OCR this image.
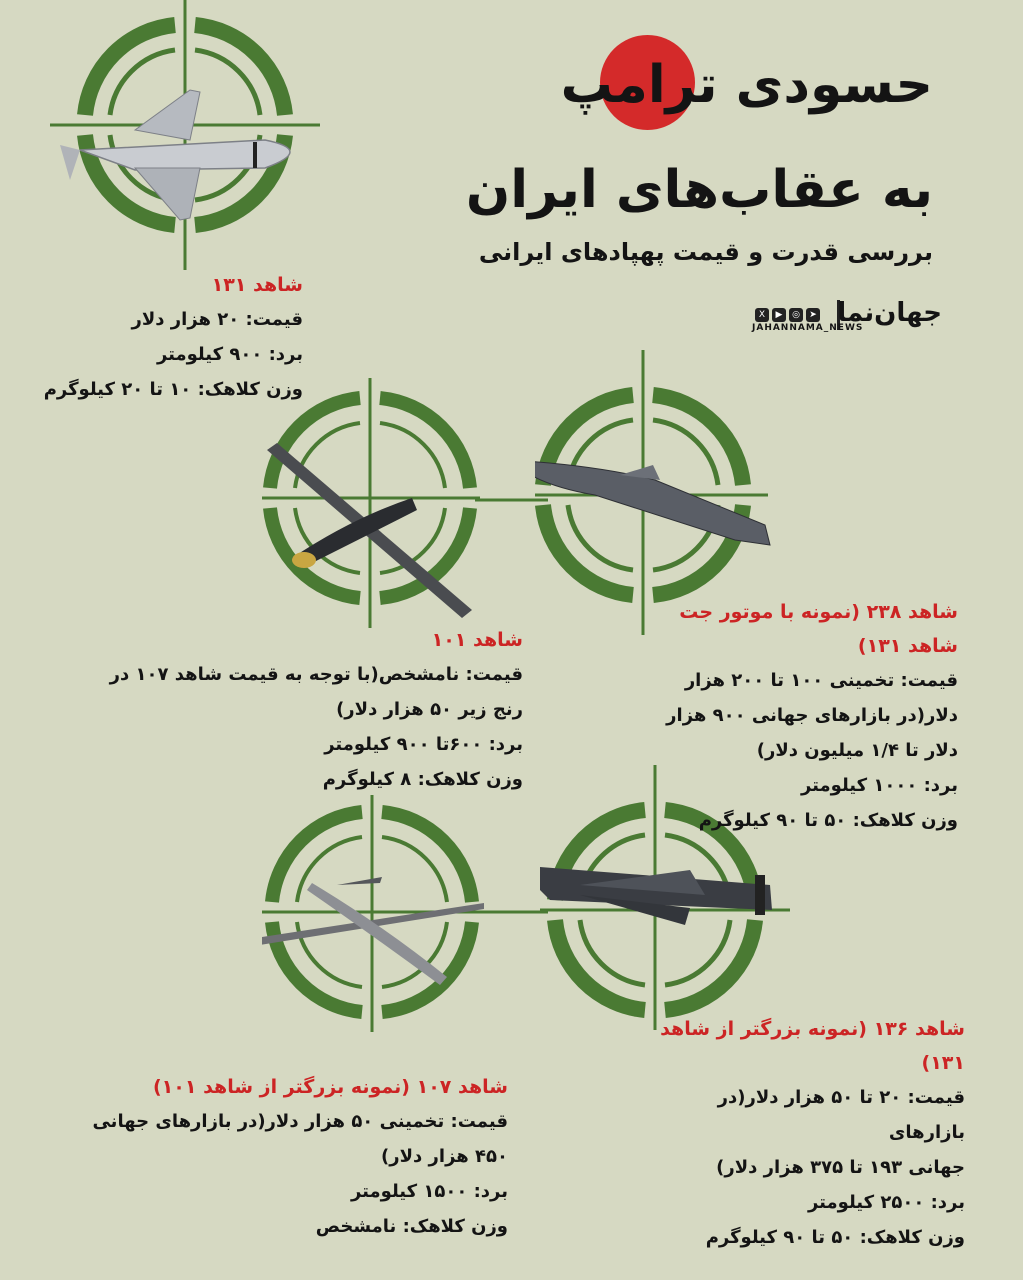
حسودی ترامپ
به عقاب‌های ایران
بررسی قدرت و قیمت پهپادهای ایرانی
X ▶ ◎ ➤ جهان‌نما
JAHANNAMA_NEWS
شاهد ۱۳۱
قیمت: ۲۰ هزار دلار
برد: ۹۰۰ کیلومتر
وزن کلاهک: ۱۰ تا ۲۰ کیلوگرم
شاهد ۲۳۸ (نمونه با موتور جت
شاهد ۱۳۱)
قیمت: تخمینی ۱۰۰ تا ۲۰۰ هزار
دلار(در بازارهای جهانی ۹۰۰ هزار
دلار تا ۱/۴ میلیون دلار)
برد: ۱۰۰۰ کیلومتر
وزن کلاهک: ۵۰ تا ۹۰ کیلوگرم
شاهد ۱۰۱
قیمت: نامشخص(با توجه به قیمت شاهد ۱۰۷ در
رنج زیر ۵۰ هزار دلار)
برد: ۶۰۰تا ۹۰۰ کیلومتر
وزن کلاهک: ۸ کیلوگرم
شاهد ۱۳۶ (نمونه بزرگتر از شاهد
۱۳۱)
قیمت: ۲۰ تا ۵۰ هزار دلار(در بازارهای
جهانی ۱۹۳ تا ۳۷۵ هزار دلار)
برد: ۲۵۰۰ کیلومتر
وزن کلاهک: ۵۰ تا ۹۰ کیلوگرم
شاهد ۱۰۷ (نمونه بزرگتر از شاهد ۱۰۱)
قیمت: تخمینی ۵۰ هزار دلار(در بازارهای جهانی
۴۵۰ هزار دلار)
برد: ۱۵۰۰ کیلومتر
وزن کلاهک: نامشخص
